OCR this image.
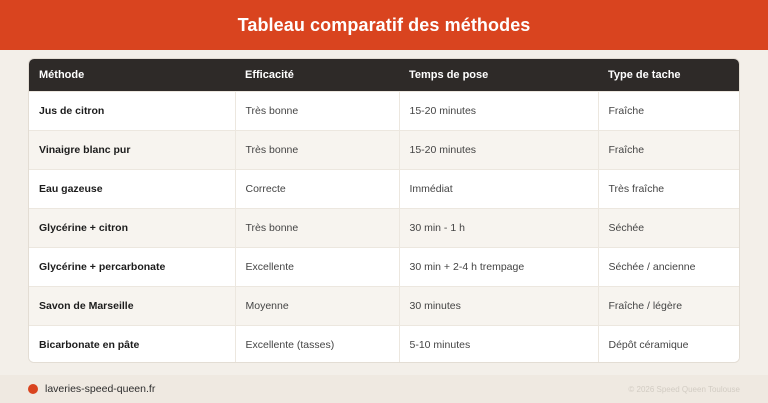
Tableau comparatif des méthodes
Méthode	Efficacité	Temps de pose	Type de tache
Jus de citron	Très bonne	15-20 minutes	Fraîche
Vinaigre blanc pur	Très bonne	15-20 minutes	Fraîche
Eau gazeuse	Correcte	Immédiat	Très fraîche
Glycérine + citron	Très bonne	30 min - 1 h	Séchée
Glycérine + percarbonate	Excellente	30 min + 2-4 h trempage	Séchée / ancienne
Savon de Marseille	Moyenne	30 minutes	Fraîche / légère
Bicarbonate en pâte	Excellente (tasses)	5-10 minutes	Dépôt céramique
laveries-speed-queen.fr	© 2026 Speed Queen Toulouse
